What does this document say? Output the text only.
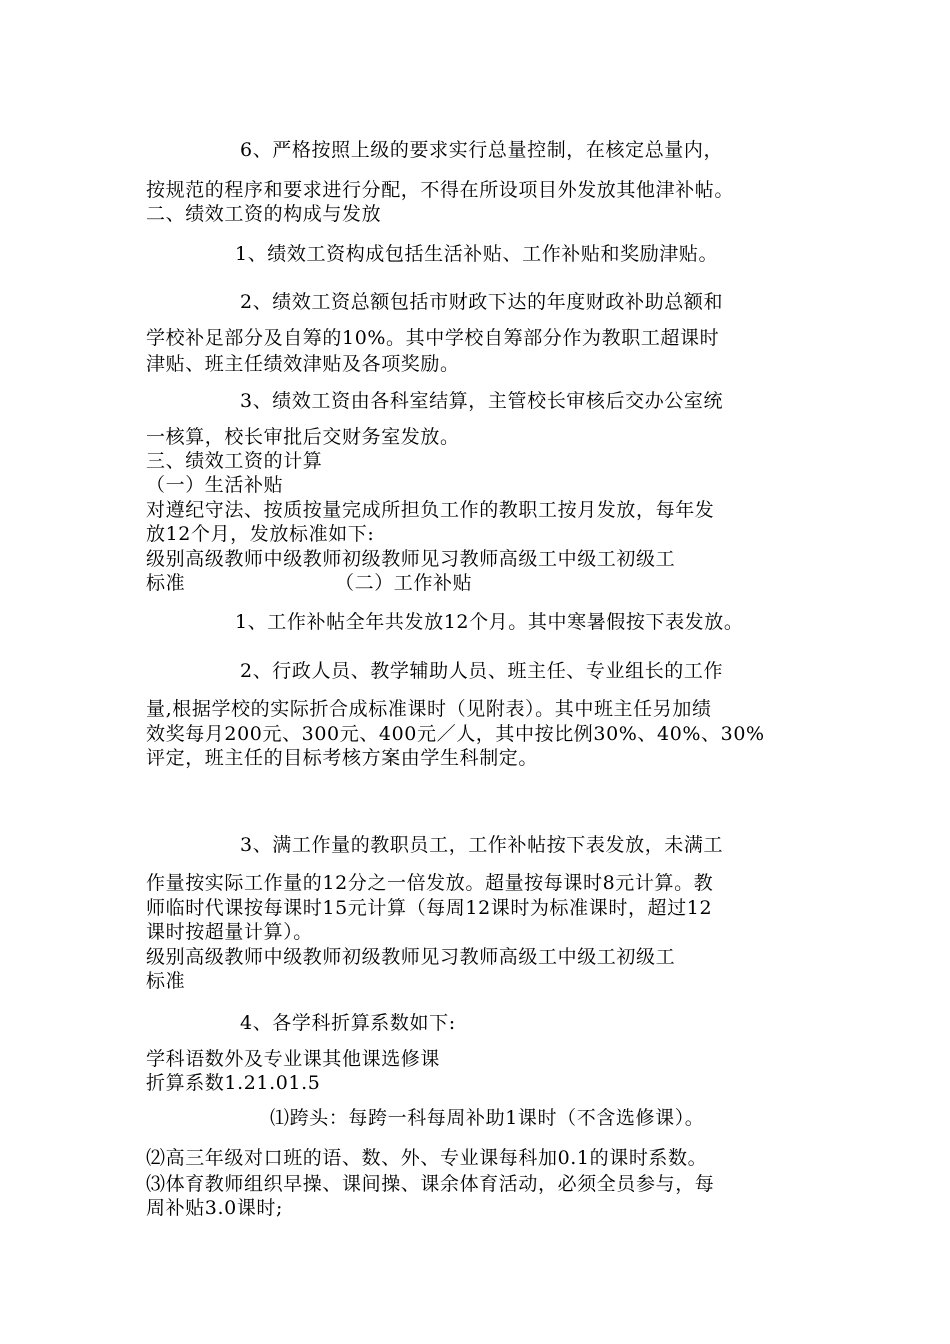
6、严格按照上级的要求实行总量控制，在核定总量内，
按规范的程序和要求进行分配，不得在所设项目外发放其他津补帖。
二、绩效工资的构成与发放
1、绩效工资构成包括生活补贴、工作补贴和奖励津贴。
2、绩效工资总额包括市财政下达的年度财政补助总额和
学校补足部分及自筹的10%。其中学校自筹部分作为教职工超课时
津贴、班主任绩效津贴及各项奖励。
3、绩效工资由各科室结算，主管校长审核后交办公室统
一核算，校长审批后交财务室发放。
三、绩效工资的计算
（一）生活补贴
对遵纪守法、按质按量完成所担负工作的教职工按月发放，每年发
放12个月，发放标准如下:
级别高级教师中级教师初级教师见习教师高级工中级工初级工
标准	（二）工作补贴
1、工作补帖全年共发放12个月。其中寒暑假按下表发放。
2、行政人员、教学辅助人员、班主任、专业组长的工作
量,根据学校的实际折合成标准课时（见附表）。其中班主任另加绩
效奖每月200元、300元、400元／人，其中按比例30%、40%、30%
评定，班主任的目标考核方案由学生科制定。
3、满工作量的教职员工，工作补帖按下表发放，未满工
作量按实际工作量的12分之一倍发放。超量按每课时8元计算。教
师临时代课按每课时15元计算（每周12课时为标准课时，超过12
课时按超量计算）。
级别高级教师中级教师初级教师见习教师高级工中级工初级工
标准
4、各学科折算系数如下:
学科语数外及专业课其他课选修课
折算系数1.21.01.5
⑴跨头：每跨一科每周补助1课时（不含选修课）。
⑵高三年级对口班的语、数、外、专业课每科加0.1的课时系数。
⑶体育教师组织早操、课间操、课余体育活动，必须全员参与，每
周补贴3.0课时;
